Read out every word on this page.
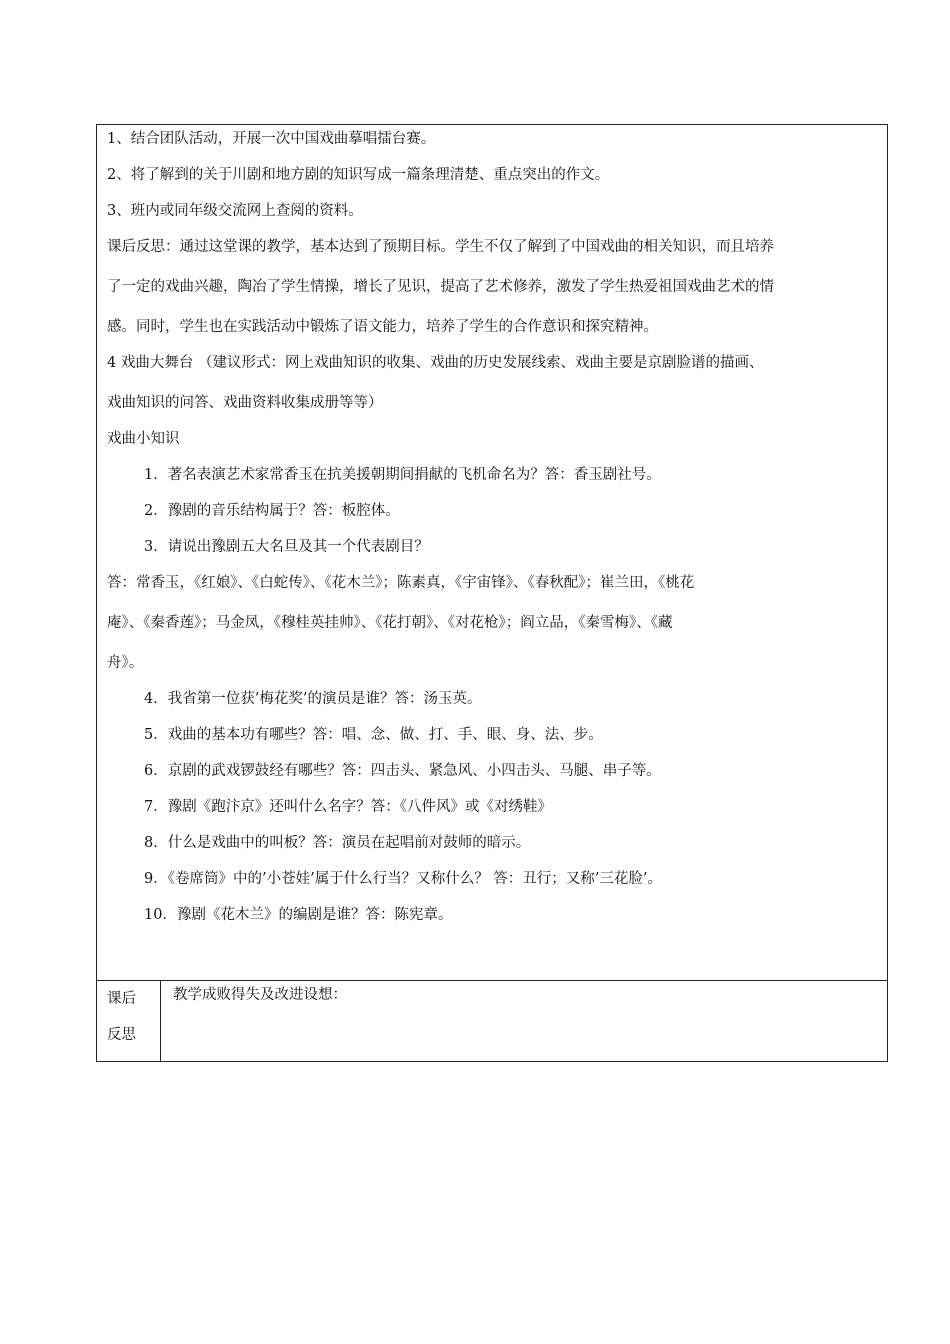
1、结合团队活动，开展一次中国戏曲摹唱擂台赛。
2、将了解到的关于川剧和地方剧的知识写成一篇条理清楚、重点突出的作文。
3、班内或同年级交流网上查阅的资料。
课后反思：通过这堂课的教学，基本达到了预期目标。学生不仅了解到了中国戏曲的相关知识，而且培养
了一定的戏曲兴趣，陶冶了学生情操，增长了见识，提高了艺术修养，激发了学生热爱祖国戏曲艺术的情
感。同时，学生也在实践活动中锻炼了语文能力，培养了学生的合作意识和探究精神。
4 戏曲大舞台 （建议形式：网上戏曲知识的收集、戏曲的历史发展线索、戏曲主要是京剧脸谱的描画、
戏曲知识的问答、戏曲资料收集成册等等）
戏曲小知识
1．著名表演艺术家常香玉在抗美援朝期间捐献的飞机命名为？答：香玉剧社号。
2．豫剧的音乐结构属于？答：板腔体。
3．请说出豫剧五大名旦及其一个代表剧目？
答：常香玉，《红娘》、《白蛇传》、《花木兰》；陈素真，《宇宙锋》、《春秋配》；崔兰田，《桃花
庵》、《秦香莲》；马金凤，《穆桂英挂帅》、《花打朝》、《对花枪》；阎立品，《秦雪梅》、《藏
舟》。
4．我省第一位获’梅花奖’的演员是谁？答：汤玉英。
5．戏曲的基本功有哪些？答：唱、念、做、打、手、眼、身、法、步。
6．京剧的武戏锣鼓经有哪些？答：四击头、紧急风、小四击头、马腿、串子等。
7．豫剧《跑汴京》还叫什么名字？答：《八件风》或《对绣鞋》
8．什么是戏曲中的叫板？答：演员在起唱前对鼓师的暗示。
9．《卷席筒》中的’小苍娃’属于什么行当？又称什么？ 答：丑行；又称’三花脸’。
10．豫剧《花木兰》的编剧是谁？答：陈宪章。
课后
反思
教学成败得失及改进设想：
